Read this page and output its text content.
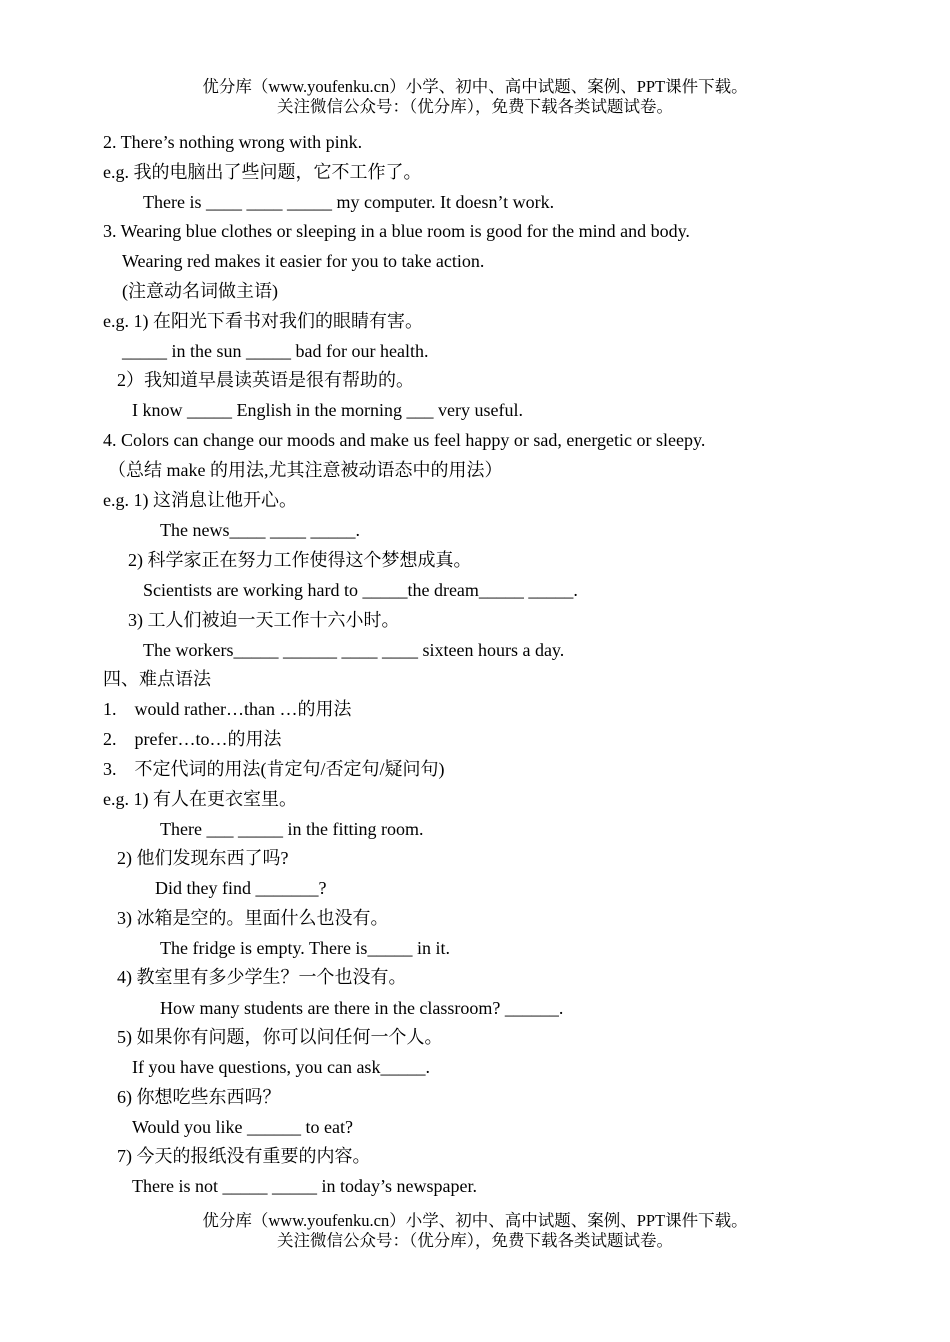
优分库（www.youfenku.cn）小学、初中、高中试题、案例、PPT课件下载。
关注微信公众号：（优分库），免费下载各类试题试卷。
2. There’s nothing wrong with pink.
e.g. 我的电脑出了些问题，它不工作了。
There is ____ ____ _____ my computer. It doesn’t work.
3. Wearing blue clothes or sleeping in a blue room is good for the mind and body.
Wearing red makes it easier for you to take action.
(注意动名词做主语)
e.g. 1) 在阳光下看书对我们的眼睛有害。
_____ in the sun _____ bad for our health.
2）我知道早晨读英语是很有帮助的。
I know _____ English in the morning ___ very useful.
4. Colors can change our moods and make us feel happy or sad, energetic or sleepy.
（总结 make 的用法,尤其注意被动语态中的用法）
e.g. 1) 这消息让他开心。
The news____ ____ _____.
2) 科学家正在努力工作使得这个梦想成真。
Scientists are working hard to _____the dream_____ _____.
3) 工人们被迫一天工作十六小时。
The workers_____ ______ ____ ____ sixteen hours a day.
四、难点语法
1.    would rather…than …的用法
2.    prefer…to…的用法
3.    不定代词的用法(肯定句/否定句/疑问句)
e.g. 1) 有人在更衣室里。
There ___ _____ in the fitting room.
2) 他们发现东西了吗?
Did they find _______?
3) 冰箱是空的。里面什么也没有。
The fridge is empty. There is_____ in it.
4) 教室里有多少学生？一个也没有。
How many students are there in the classroom? ______.
5) 如果你有问题，你可以问任何一个人。
If you have questions, you can ask_____.
6) 你想吃些东西吗？
Would you like ______ to eat?
7) 今天的报纸没有重要的内容。
There is not _____ _____ in today’s newspaper.
优分库（www.youfenku.cn）小学、初中、高中试题、案例、PPT课件下载。
关注微信公众号：（优分库），免费下载各类试题试卷。
